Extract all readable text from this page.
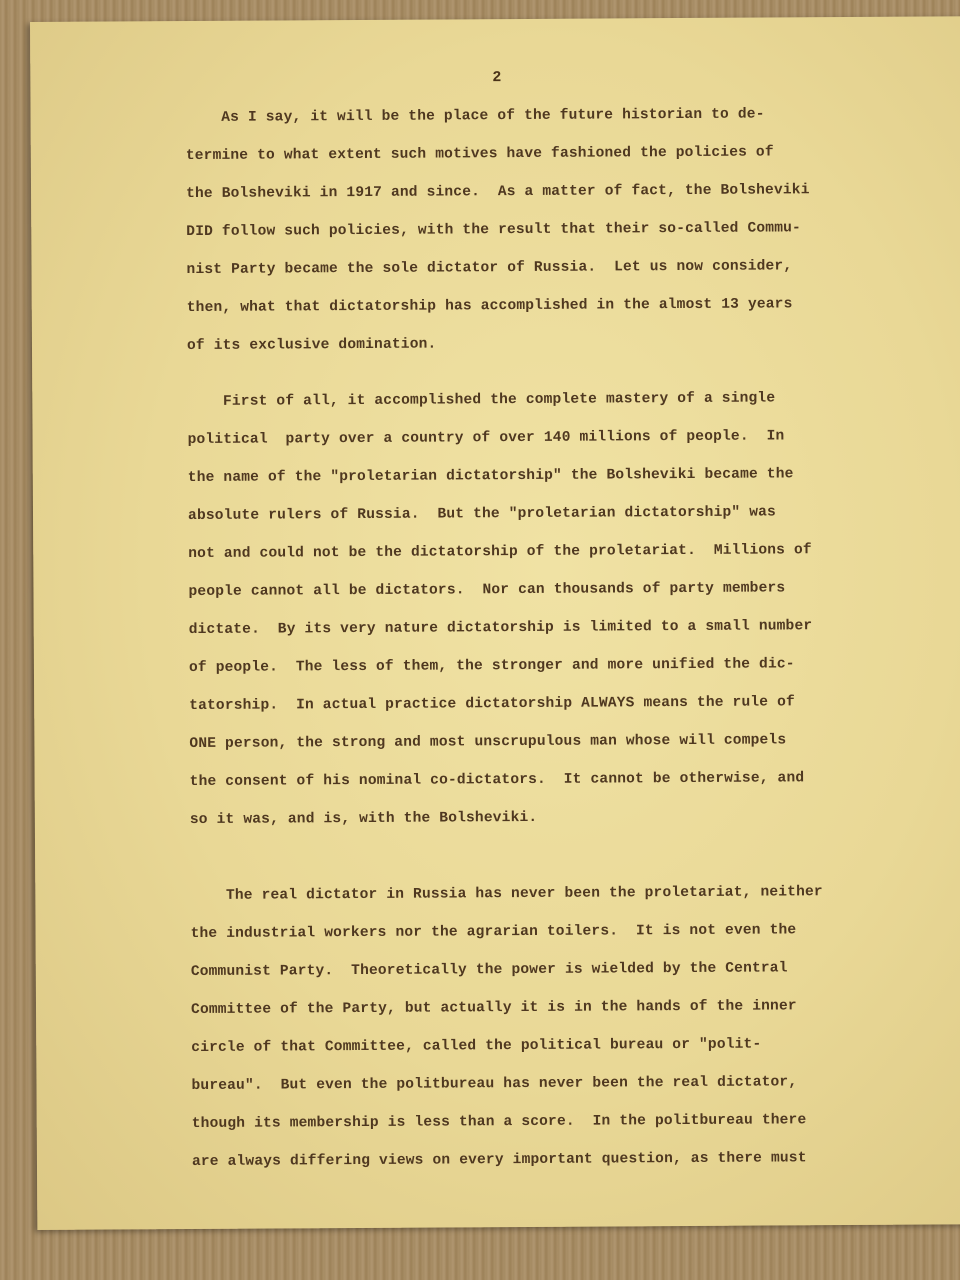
2
As I say, it will be the place of the future historian to de-
termine to what extent such motives have fashioned the policies of
the Bolsheviki in 1917 and since.  As a matter of fact, the Bolsheviki
DID follow such policies, with the result that their so-called Commu-
nist Party became the sole dictator of Russia.  Let us now consider,
then, what that dictatorship has accomplished in the almost 13 years
of its exclusive domination.
First of all, it accomplished the complete mastery of a single
political  party over a country of over 140 millions of people.  In
the name of the "proletarian dictatorship" the Bolsheviki became the
absolute rulers of Russia.  But the "proletarian dictatorship" was
not and could not be the dictatorship of the proletariat.  Millions of
people cannot all be dictators.  Nor can thousands of party members
dictate.  By its very nature dictatorship is limited to a small number
of people.  The less of them, the stronger and more unified the dic-
tatorship.  In actual practice dictatorship ALWAYS means the rule of
ONE person, the strong and most unscrupulous man whose will compels
the consent of his nominal co-dictators.  It cannot be otherwise, and
so it was, and is, with the Bolsheviki.
The real dictator in Russia has never been the proletariat, neither
the industrial workers nor the agrarian toilers.  It is not even the
Communist Party.  Theoretically the power is wielded by the Central
Committee of the Party, but actually it is in the hands of the inner
circle of that Committee, called the political bureau or "polit-
bureau".  But even the politbureau has never been the real dictator,
though its membership is less than a score.  In the politbureau there
are always differing views on every important question, as there must
